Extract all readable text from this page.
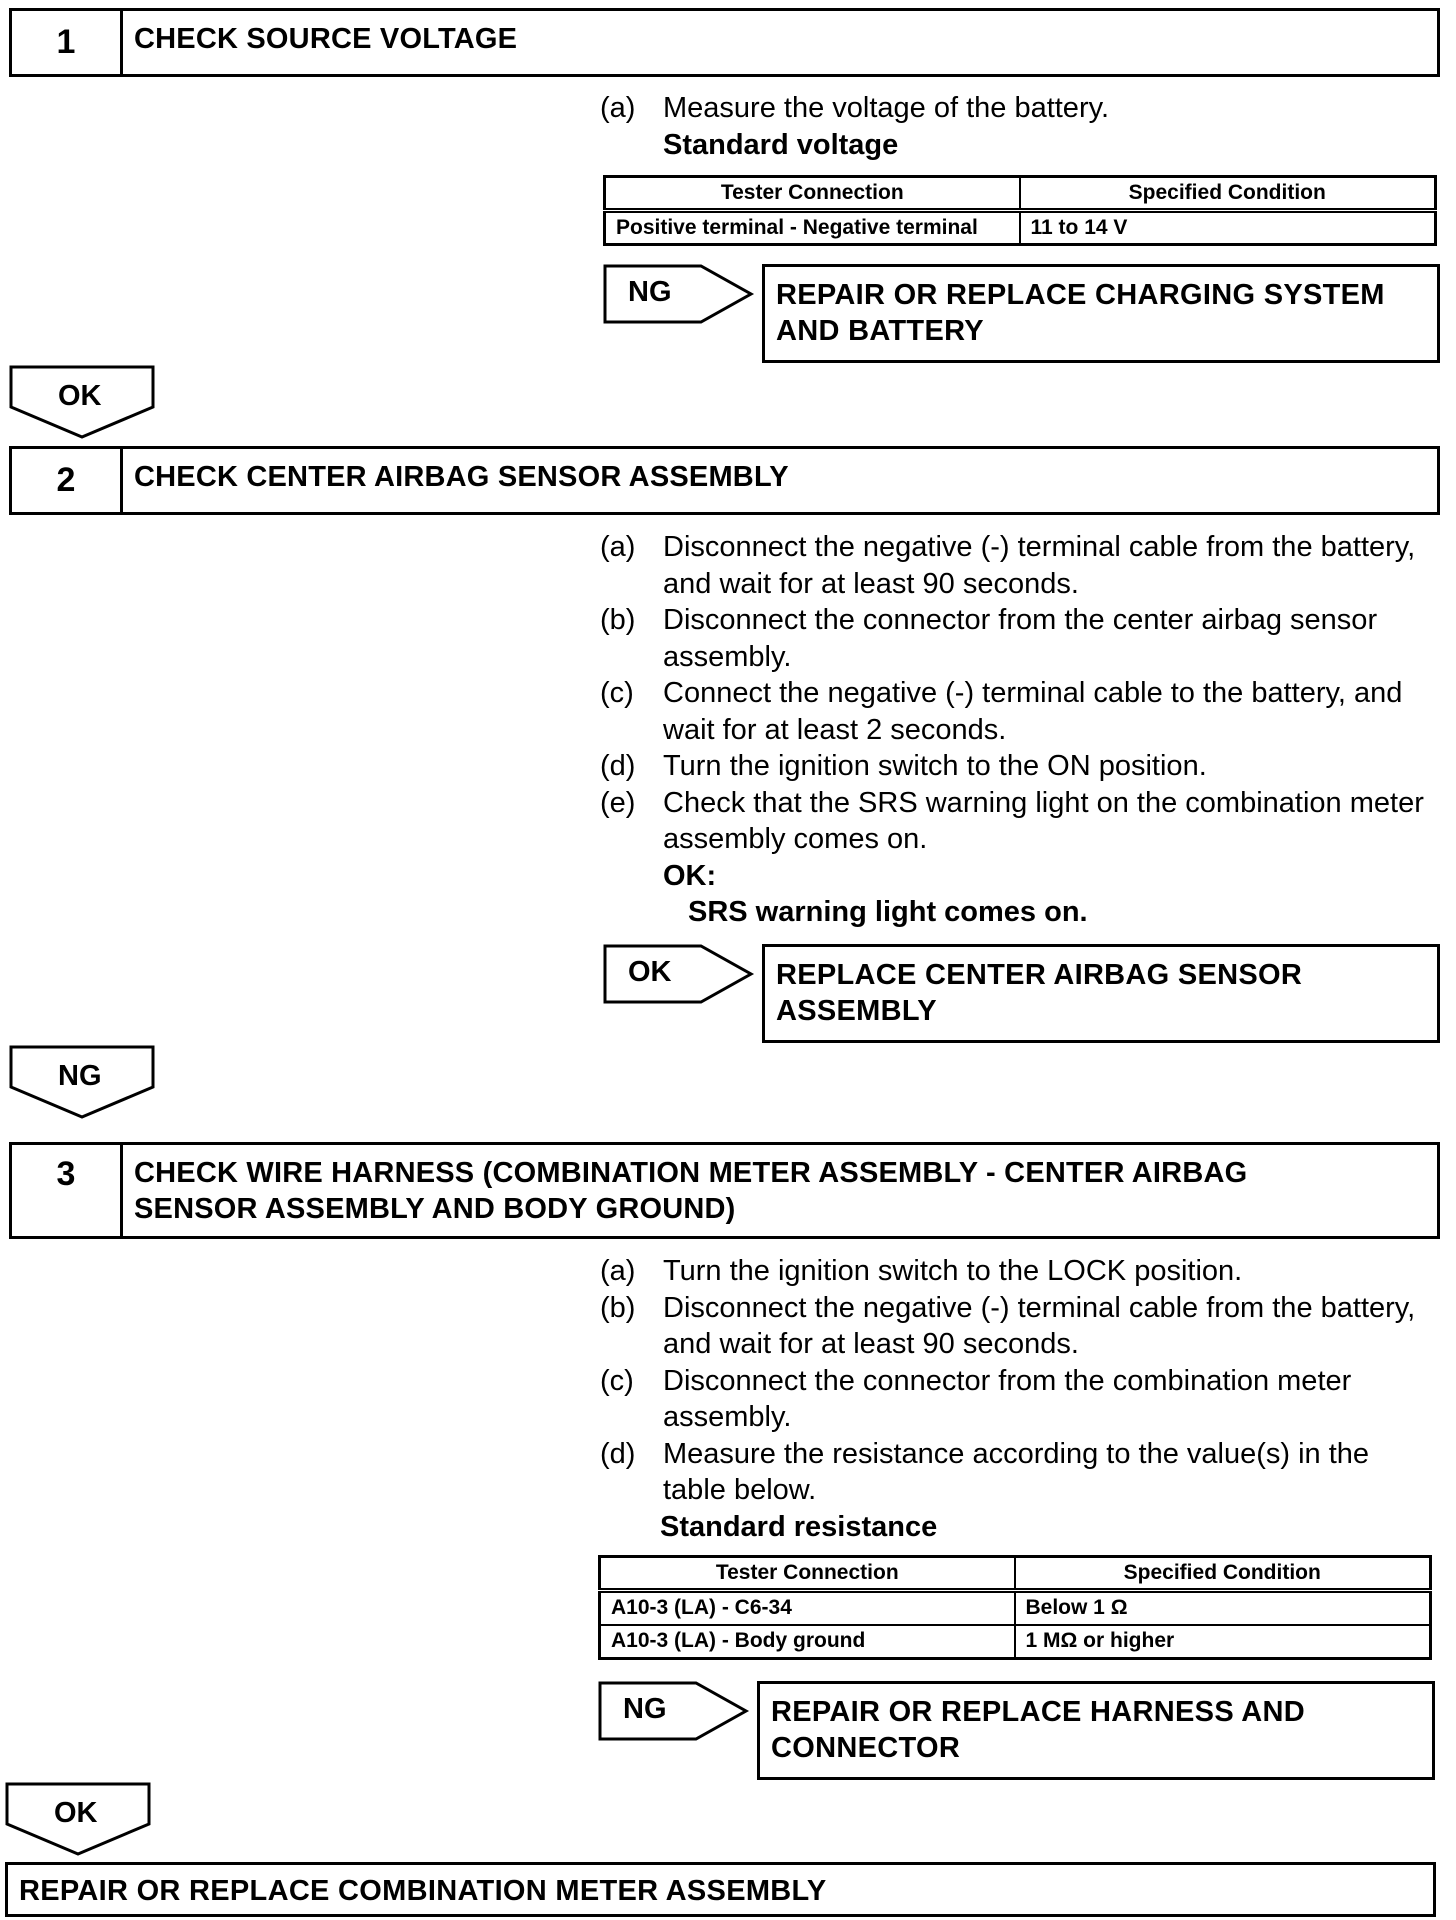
1	CHECK SOURCE VOLTAGE
(a) Measure the voltage of the battery.
Standard voltage
Tester Connection	Specified Condition
Positive terminal - Negative terminal	11 to 14 V
NG	REPAIR OR REPLACE CHARGING SYSTEM AND BATTERY
OK
2	CHECK CENTER AIRBAG SENSOR ASSEMBLY
(a) Disconnect the negative (-) terminal cable from the battery, and wait for at least 90 seconds.
(b) Disconnect the connector from the center airbag sensor assembly.
(c)	Connect the negative (-) terminal cable to the battery, and wait for at least 2 seconds.
(d) Turn the ignition switch to the ON position.
(e) Check that the SRS warning light on the combination meter assembly comes on.
OK:
SRS warning light comes on.
OK	REPLACE CENTER AIRBAG SENSOR ASSEMBLY
NG
3	CHECK WIRE HARNESS (COMBINATION METER ASSEMBLY - CENTER AIRBAG SENSOR ASSEMBLY AND BODY GROUND)
(a) Turn the ignition switch to the LOCK position.
(b) Disconnect the negative (-) terminal cable from the battery, and wait for at least 90 seconds.
(c)	Disconnect the connector from the combination meter assembly.
(d) Measure the resistance according to the value(s) in the table below.
Standard resistance
Tester Connection	Specified Condition
A10-3 (LA) - C6-34	Below 1 Ω
A10-3 (LA) - Body ground	1 MΩ or higher
NG	REPAIR OR REPLACE HARNESS AND CONNECTOR
OK
REPAIR OR REPLACE COMBINATION METER ASSEMBLY
